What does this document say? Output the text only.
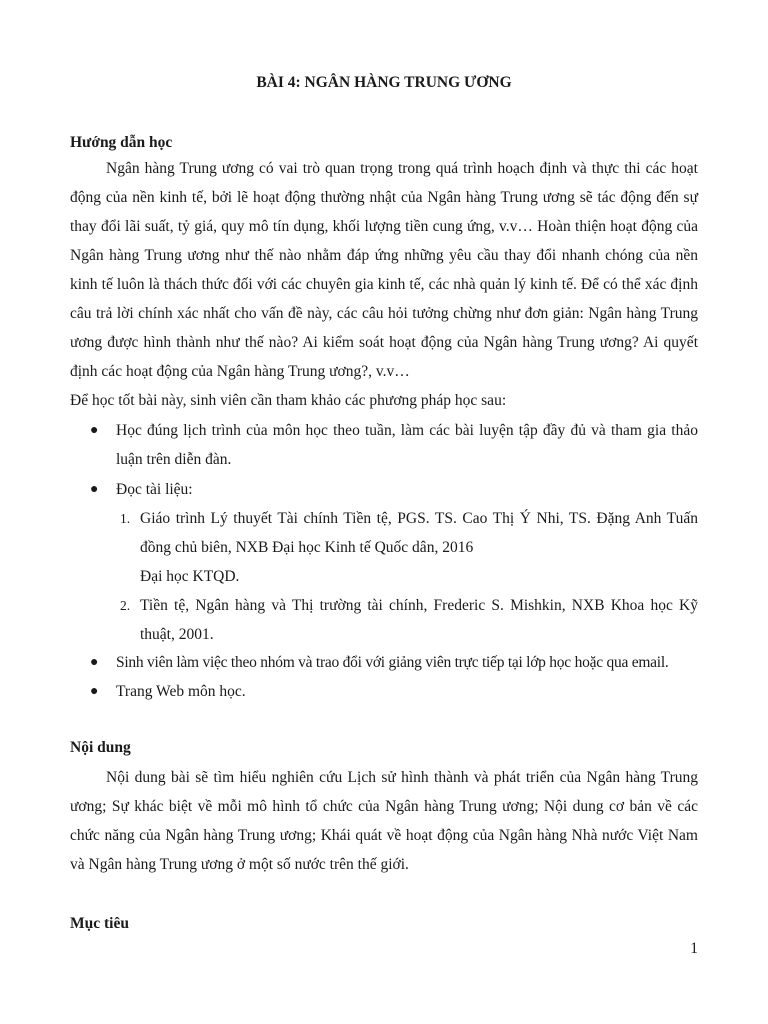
BÀI 4: NGÂN HÀNG TRUNG ƯƠNG
Hướng dẫn học

Ngân hàng Trung ương có vai trò quan trọng trong quá trình hoạch định và thực thi các hoạt động của nền kinh tế, bởi lẽ hoạt động thường nhật của Ngân hàng Trung ương sẽ tác động đến sự thay đổi lãi suất, tỷ giá, quy mô tín dụng, khối lượng tiền cung ứng, v.v… Hoàn thiện hoạt động của Ngân hàng Trung ương như thế nào nhằm đáp ứng những yêu cầu thay đổi nhanh chóng của nền kinh tế luôn là thách thức đối với các chuyên gia kinh tế, các nhà quản lý kinh tế. Để có thể xác định câu trả lời chính xác nhất cho vấn đề này, các câu hỏi tưởng chừng như đơn giản: Ngân hàng Trung ương được hình thành như thế nào? Ai kiểm soát hoạt động của Ngân hàng Trung ương? Ai quyết định các hoạt động của Ngân hàng Trung ương?, v.v…

Để học tốt bài này, sinh viên cần tham khảo các phương pháp học sau:

●	Học đúng lịch trình của môn học theo tuần, làm các bài luyện tập đầy đủ và tham gia thảo luận trên diễn đàn.
●	Đọc tài liệu:
1. Giáo trình Lý thuyết Tài chính Tiền tệ, PGS. TS. Cao Thị Ý Nhi, TS. Đặng Anh Tuấn đồng chủ biên, NXB Đại học Kinh tế Quốc dân, 2016
Đại học KTQD.
2. Tiền tệ, Ngân hàng và Thị trường tài chính, Frederic S. Mishkin, NXB Khoa học Kỹ thuật, 2001.
●	Sinh viên làm việc theo nhóm và trao đổi với giảng viên trực tiếp tại lớp học hoặc qua email.
●	Trang Web môn học.
Nội dung

Nội dung bài sẽ tìm hiểu nghiên cứu Lịch sử hình thành và phát triển của Ngân hàng Trung ương; Sự khác biệt về mỗi mô hình tổ chức của Ngân hàng Trung ương; Nội dung cơ bản về các chức năng của Ngân hàng Trung ương; Khái quát về hoạt động của Ngân hàng Nhà nước Việt Nam và Ngân hàng Trung ương ở một số nước trên thế giới.

Mục tiêu
1
